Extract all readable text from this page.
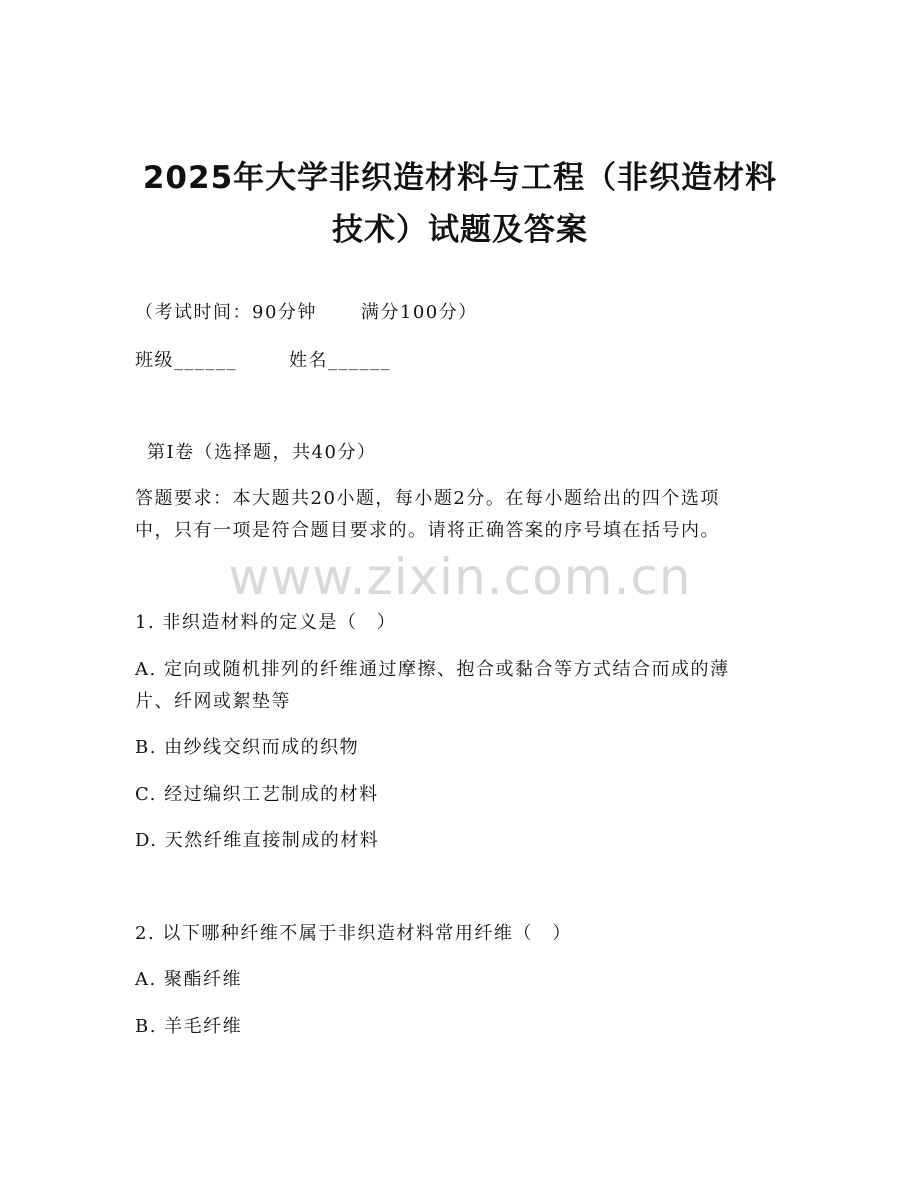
www.zixin.com.cn
2025年大学非织造材料与工程（非织造材料
技术）试题及答案

（考试时间：90分钟 满分100分）

班级______	姓名______

第I卷（选择题，共40分）

答题要求：本大题共20小题，每小题2分。在每小题给出的四个选项

中，只有一项是符合题目要求的。请将正确答案的序号填在括号内。

1. 非织造材料的定义是（　）

A. 定向或随机排列的纤维通过摩擦、抱合或黏合等方式结合而成的薄

片、纤网或絮垫等

B. 由纱线交织而成的织物

C. 经过编织工艺制成的材料

D. 天然纤维直接制成的材料

2. 以下哪种纤维不属于非织造材料常用纤维（　）

A. 聚酯纤维

B. 羊毛纤维
